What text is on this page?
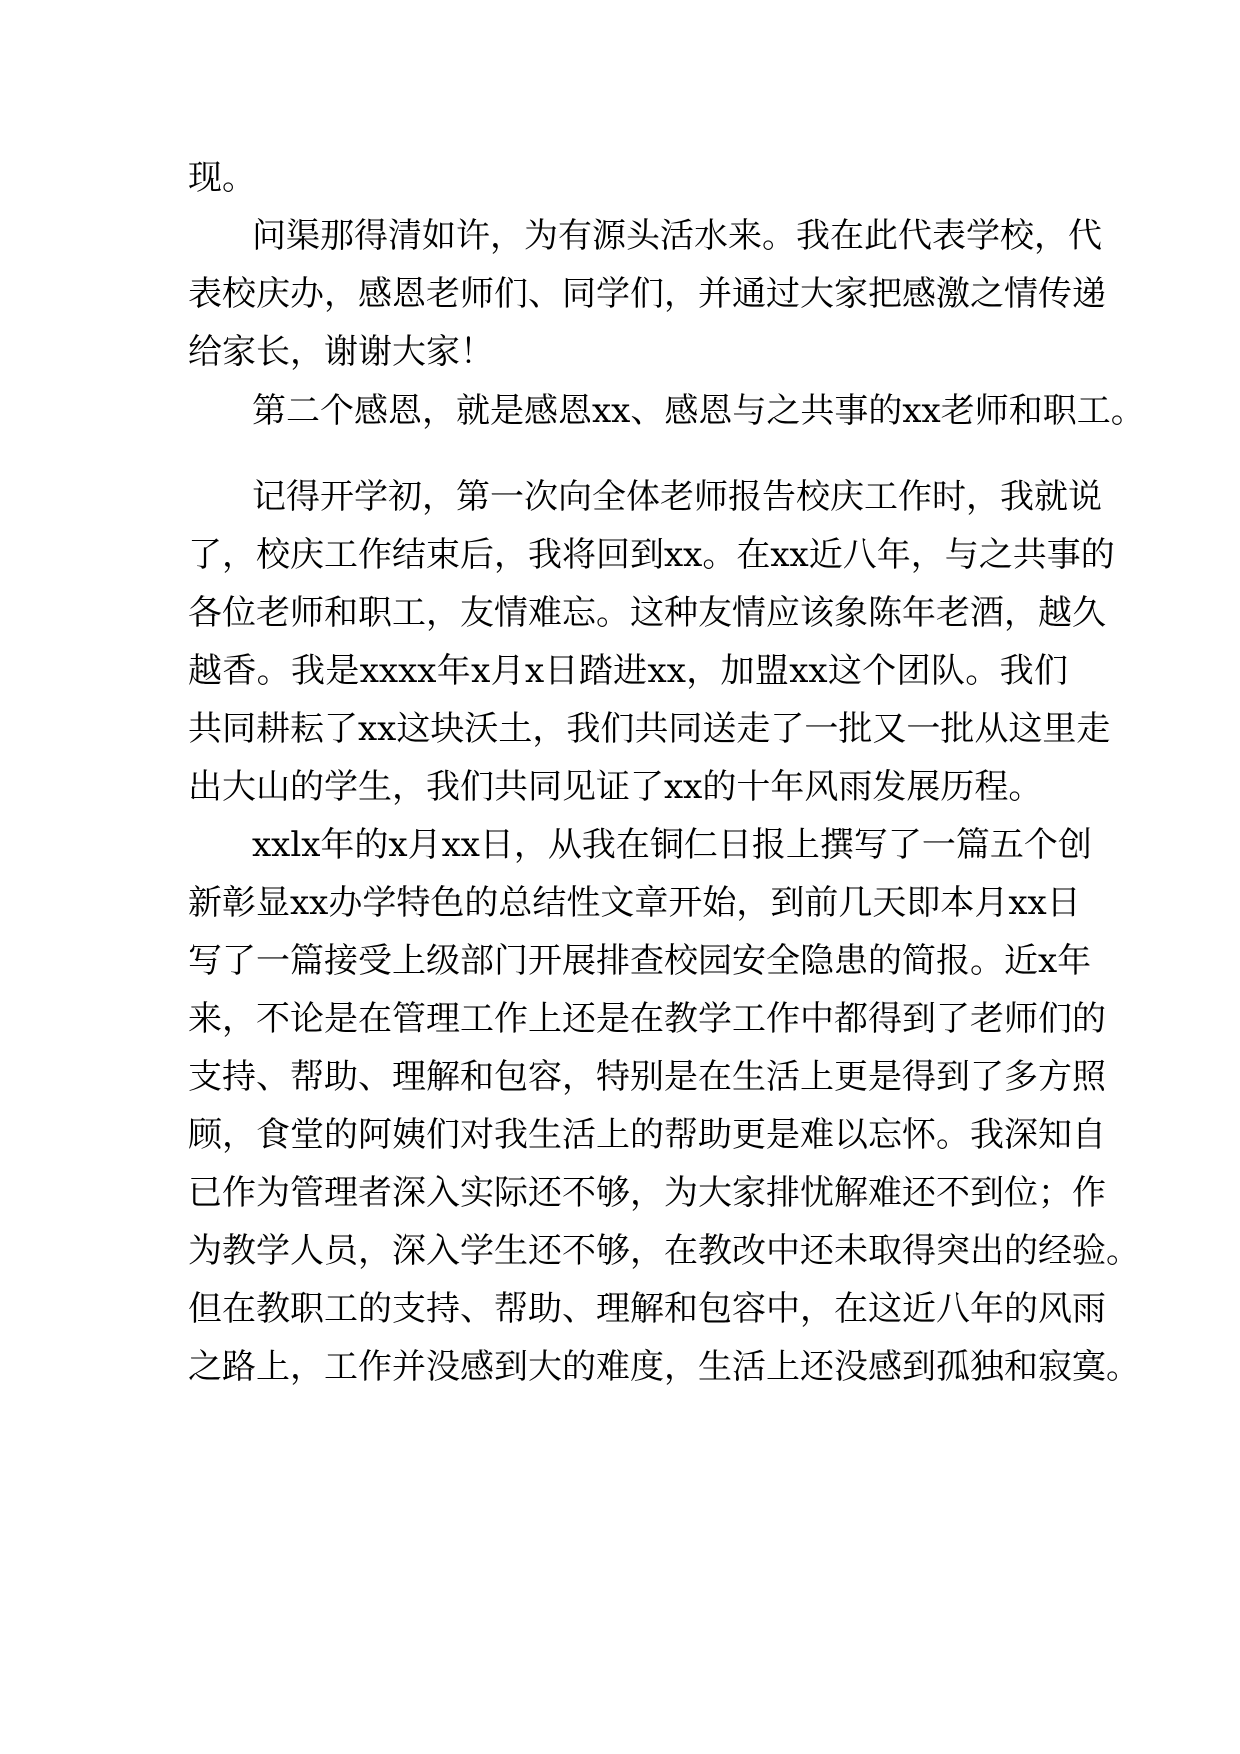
现。
问渠那得清如许，为有源头活水来。我在此代表学校，代
表校庆办，感恩老师们、同学们，并通过大家把感激之情传递
给家长，谢谢大家！
第二个感恩，就是感恩xx、感恩与之共事的xx老师和职工。
记得开学初，第一次向全体老师报告校庆工作时，我就说
了，校庆工作结束后，我将回到xx。在xx近八年，与之共事的
各位老师和职工，友情难忘。这种友情应该象陈年老酒，越久
越香。我是xxxx年x月x日踏进xx，加盟xx这个团队。我们
共同耕耘了xx这块沃土，我们共同送走了一批又一批从这里走
出大山的学生，我们共同见证了xx的十年风雨发展历程。
xxlx年的x月xx日，从我在铜仁日报上撰写了一篇五个创
新彰显xx办学特色的总结性文章开始，到前几天即本月xx日
写了一篇接受上级部门开展排查校园安全隐患的简报。近x年
来，不论是在管理工作上还是在教学工作中都得到了老师们的
支持、帮助、理解和包容，特别是在生活上更是得到了多方照
顾，食堂的阿姨们对我生活上的帮助更是难以忘怀。我深知自
已作为管理者深入实际还不够，为大家排忧解难还不到位；作
为教学人员，深入学生还不够，在教改中还未取得突出的经验。
但在教职工的支持、帮助、理解和包容中，在这近八年的风雨
之路上，工作并没感到大的难度，生活上还没感到孤独和寂寞。
